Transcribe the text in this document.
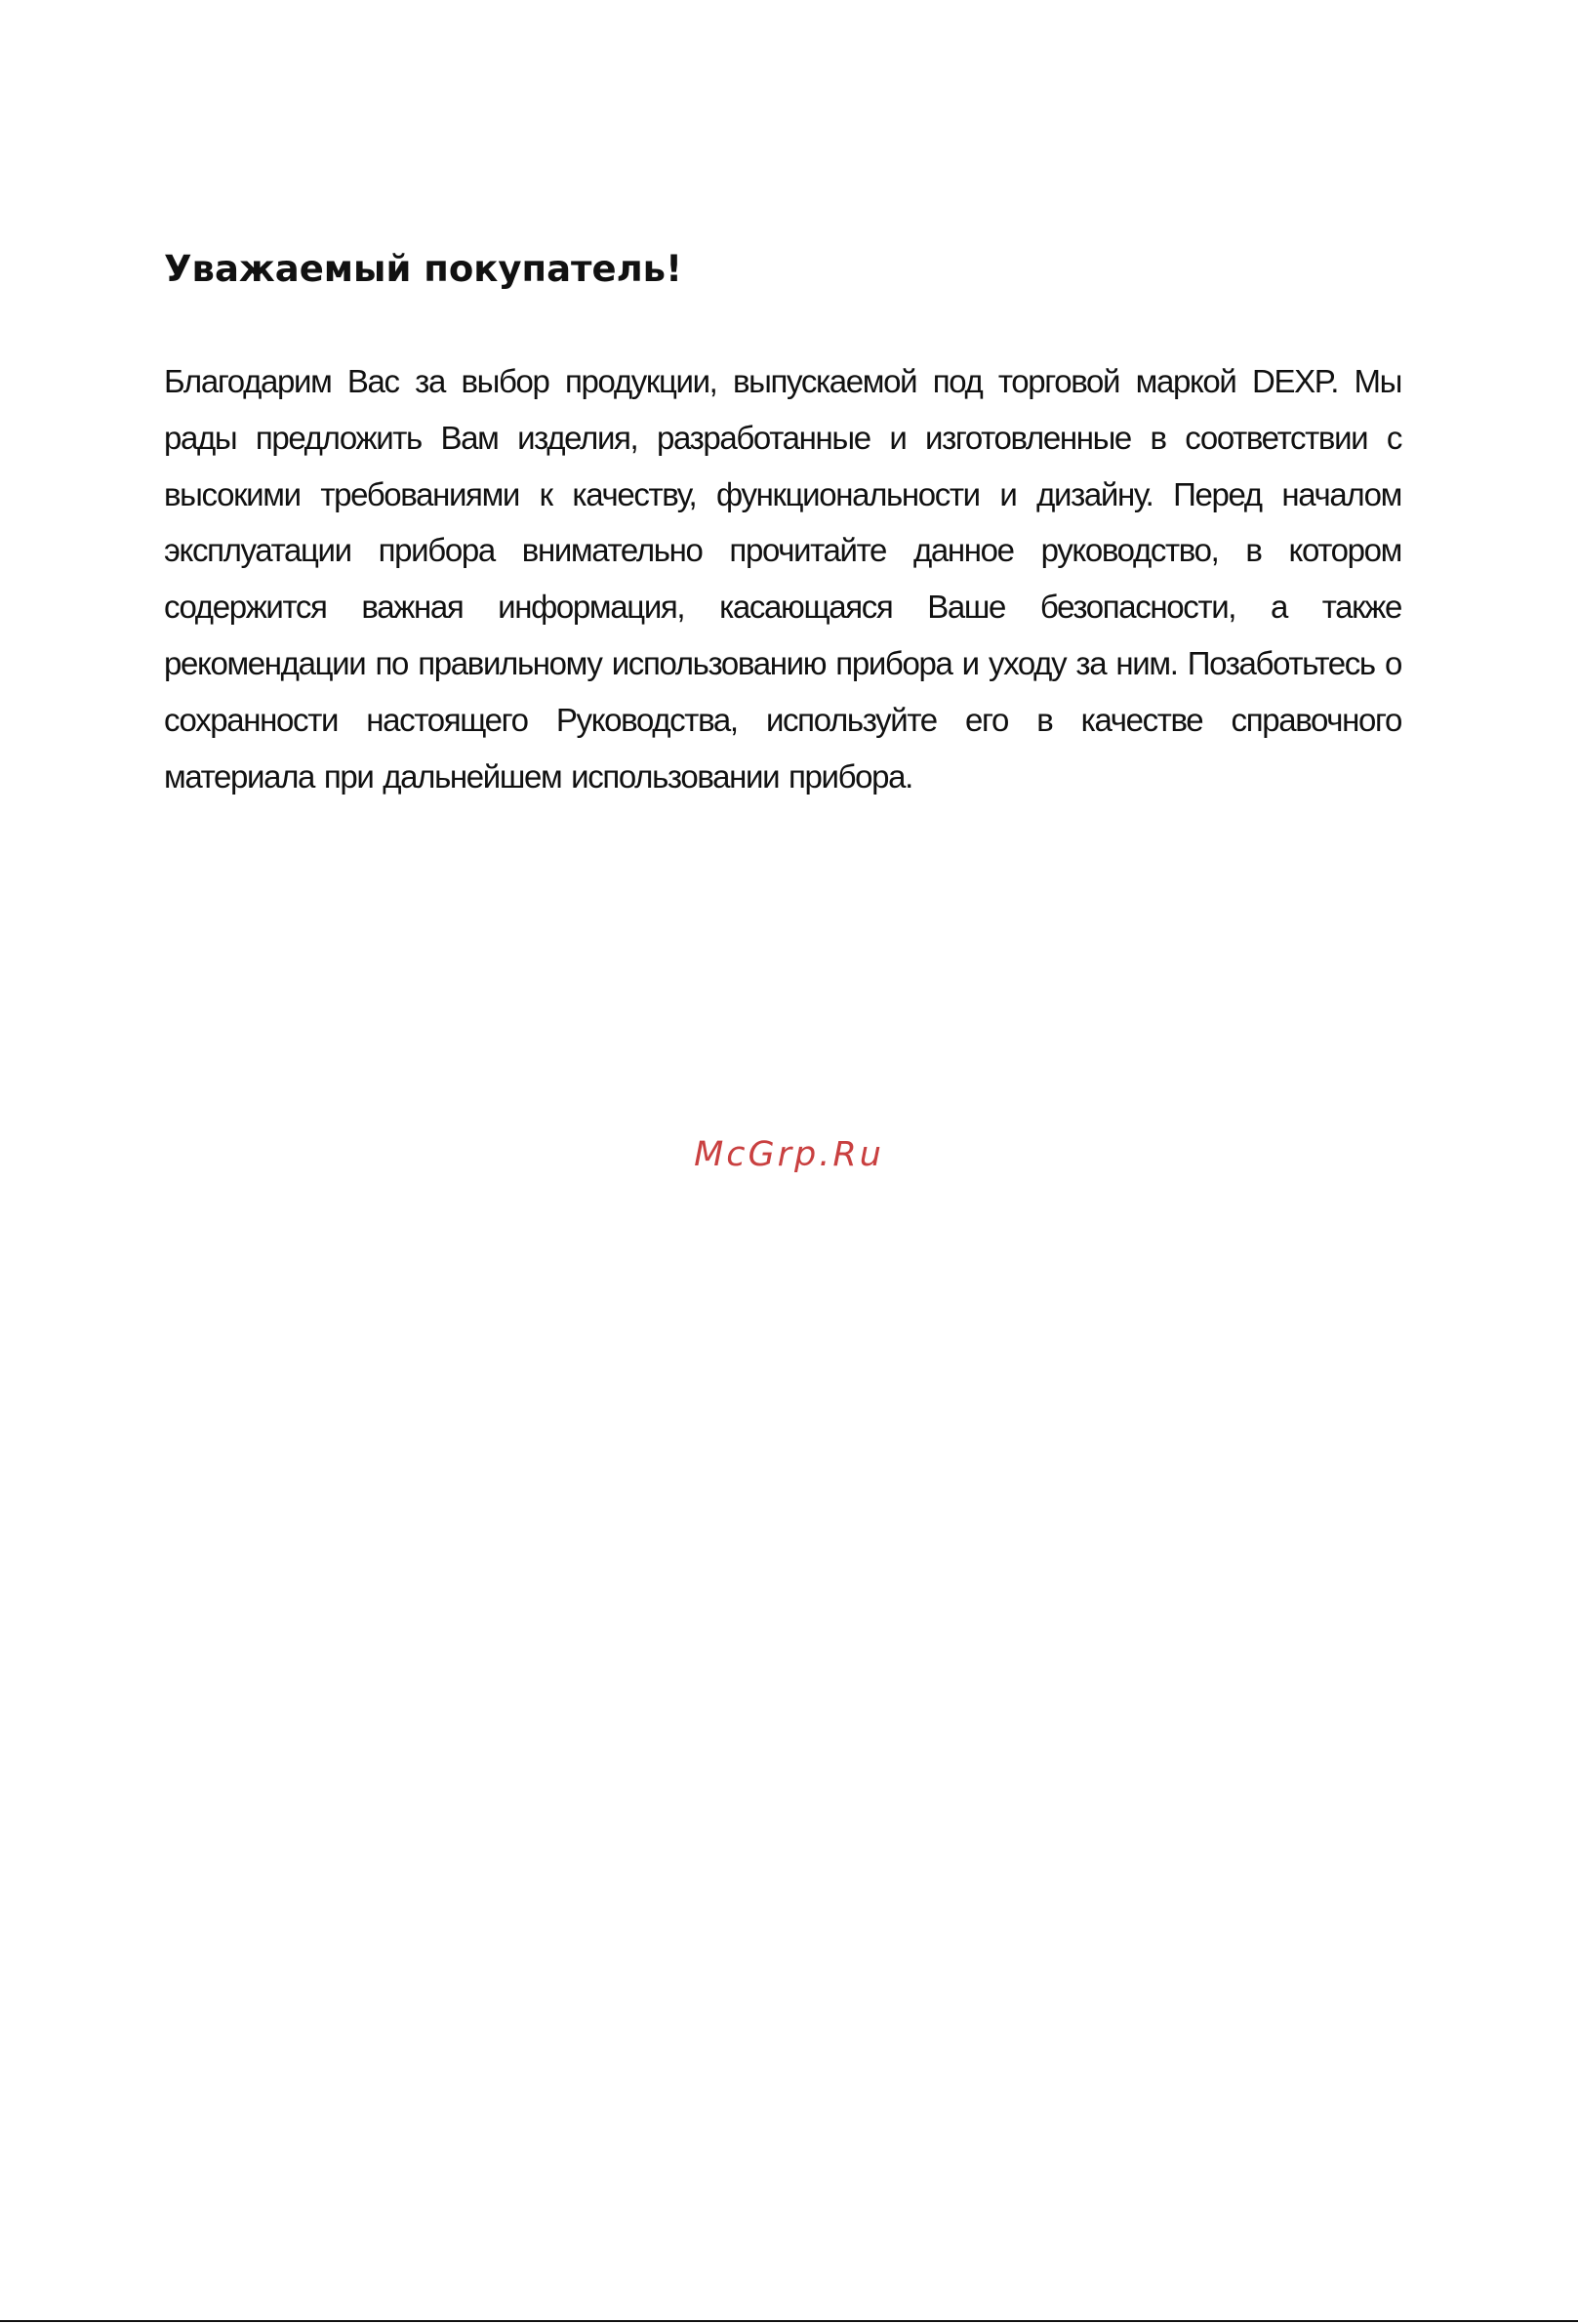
Уважаемый покупатель!

Благодарим Вас за выбор продукции, выпускаемой под торговой маркой DEXP. Мы рады предложить Вам изделия, разработанные и изготовленные в соответствии с высокими требованиями к качеству, функциональности и дизайну. Перед началом эксплуатации прибора внимательно прочитайте данное руководство, в котором содержится важная информация, касающаяся Ваше безопасности, а также рекомендации по правильному использованию прибора и уходу за ним. Позаботьтесь о сохранности настоящего Руководства, используйте его в качестве справочного материала при дальнейшем использовании прибора.

McGrp.Ru
